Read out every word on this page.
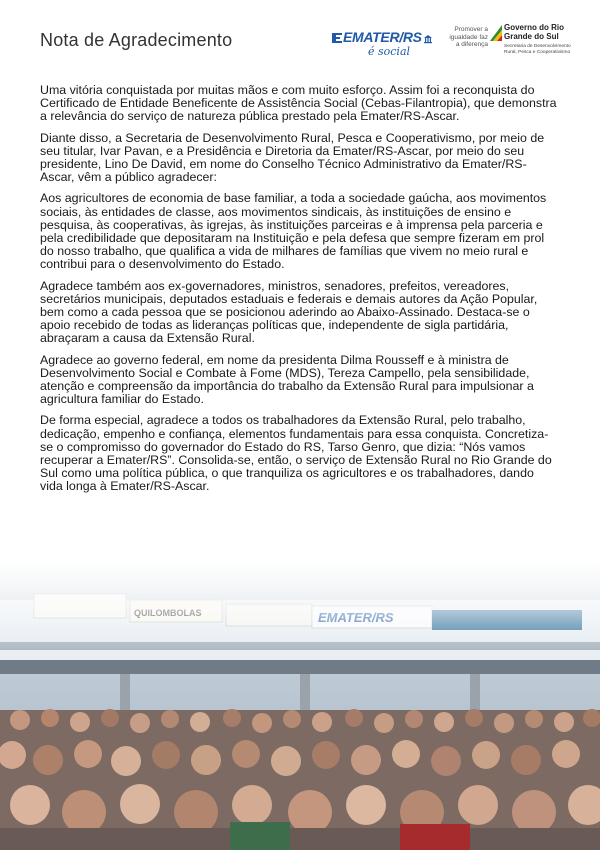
Nota de Agradecimento	EMATER/RS
é social
Promover a igualdade faz a diferença
Governo do Rio Grande do Sul
Secretaria de Desenvolvimento Rural, Pesca e Cooperativismo

Uma vitória conquistada por muitas mãos e com muito esforço. Assim foi a reconquista do Certificado de Entidade Beneficente de Assistência Social (Cebas-Filantropia), que demonstra a relevância do serviço de natureza pública prestado pela Emater/RS-Ascar.

Diante disso, a Secretaria de Desenvolvimento Rural, Pesca e Cooperativismo, por meio de seu titular, Ivar Pavan, e a Presidência e Diretoria da Emater/RS-Ascar, por meio do seu presidente, Lino De David, em nome do Conselho Técnico Administrativo da Emater/RS-Ascar, vêm a público agradecer:

Aos agricultores de economia de base familiar, a toda a sociedade gaúcha, aos movimentos sociais, às entidades de classe, aos movimentos sindicais, às instituições de ensino e pesquisa, às cooperativas, às igrejas, às instituições parceiras e à imprensa pela parceria e pela credibilidade que depositaram na Instituição e pela defesa que sempre fizeram em prol do nosso trabalho, que qualifica a vida de milhares de famílias que vivem no meio rural e contribui para o desenvolvimento do Estado.

Agradece também aos ex-governadores, ministros, senadores, prefeitos, vereadores, secretários municipais, deputados estaduais e federais e demais autores da Ação Popular, bem como a cada pessoa que se posicionou aderindo ao Abaixo-Assinado. Destaca-se o apoio recebido de todas as lideranças políticas que, independente de sigla partidária, abraçaram a causa da Extensão Rural.

Agradece ao governo federal, em nome da presidenta Dilma Rousseff e à ministra de Desenvolvimento Social e Combate à Fome (MDS), Tereza Campello, pela sensibilidade, atenção e compreensão da importância do trabalho da Extensão Rural para impulsionar a agricultura familiar do Estado.

De forma especial, agradece a todos os trabalhadores da Extensão Rural, pelo trabalho, dedicação, empenho e confiança, elementos fundamentais para essa conquista. Concretiza-se o compromisso do governador do Estado do RS, Tarso Genro, que dizia: “Nós vamos recuperar a Emater/RS”. Consolida-se, então, o serviço de Extensão Rural no Rio Grande do Sul como uma política pública, o que tranquiliza os agricultores e os trabalhadores, dando vida longa à Emater/RS-Ascar.
